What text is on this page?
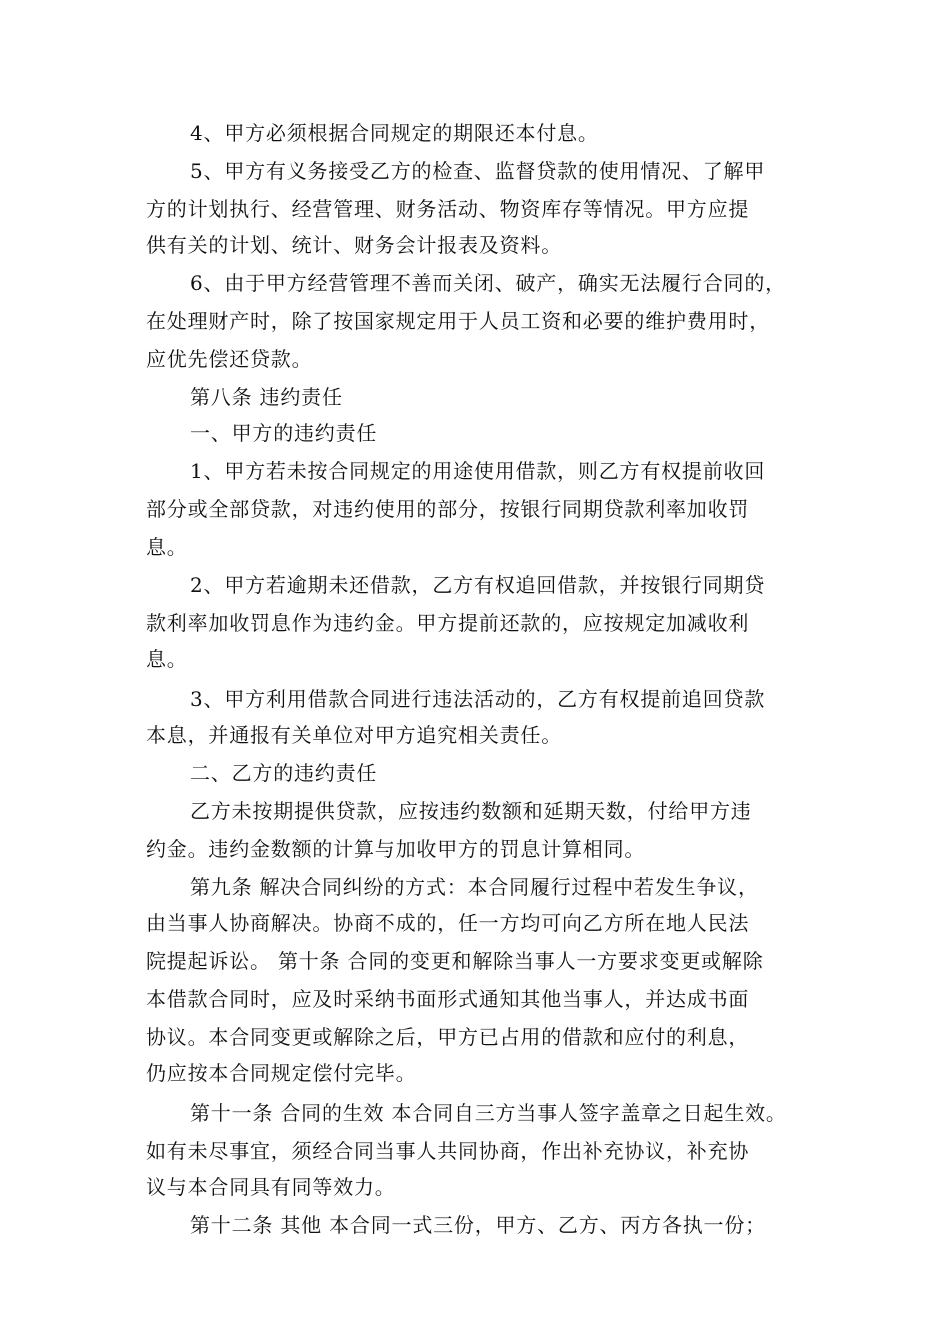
4、甲方必须根据合同规定的期限还本付息。
5、甲方有义务接受乙方的检查、监督贷款的使用情况、了解甲
方的计划执行、经营管理、财务活动、物资库存等情况。甲方应提
供有关的计划、统计、财务会计报表及资料。
6、由于甲方经营管理不善而关闭、破产，确实无法履行合同的，
在处理财产时，除了按国家规定用于人员工资和必要的维护费用时，
应优先偿还贷款。
第八条 违约责任
一、甲方的违约责任
1、甲方若未按合同规定的用途使用借款，则乙方有权提前收回
部分或全部贷款，对违约使用的部分，按银行同期贷款利率加收罚
息。
2、甲方若逾期未还借款，乙方有权追回借款，并按银行同期贷
款利率加收罚息作为违约金。甲方提前还款的，应按规定加减收利
息。
3、甲方利用借款合同进行违法活动的，乙方有权提前追回贷款
本息，并通报有关单位对甲方追究相关责任。
二、乙方的违约责任
乙方未按期提供贷款，应按违约数额和延期天数，付给甲方违
约金。违约金数额的计算与加收甲方的罚息计算相同。
第九条 解决合同纠纷的方式：本合同履行过程中若发生争议，
由当事人协商解决。协商不成的，任一方均可向乙方所在地人民法
院提起诉讼。 第十条 合同的变更和解除当事人一方要求变更或解除
本借款合同时，应及时采纳书面形式通知其他当事人，并达成书面
协议。本合同变更或解除之后，甲方已占用的借款和应付的利息，
仍应按本合同规定偿付完毕。
第十一条 合同的生效 本合同自三方当事人签字盖章之日起生效。
如有未尽事宜，须经合同当事人共同协商，作出补充协议，补充协
议与本合同具有同等效力。
第十二条 其他 本合同一式三份，甲方、乙方、丙方各执一份；
